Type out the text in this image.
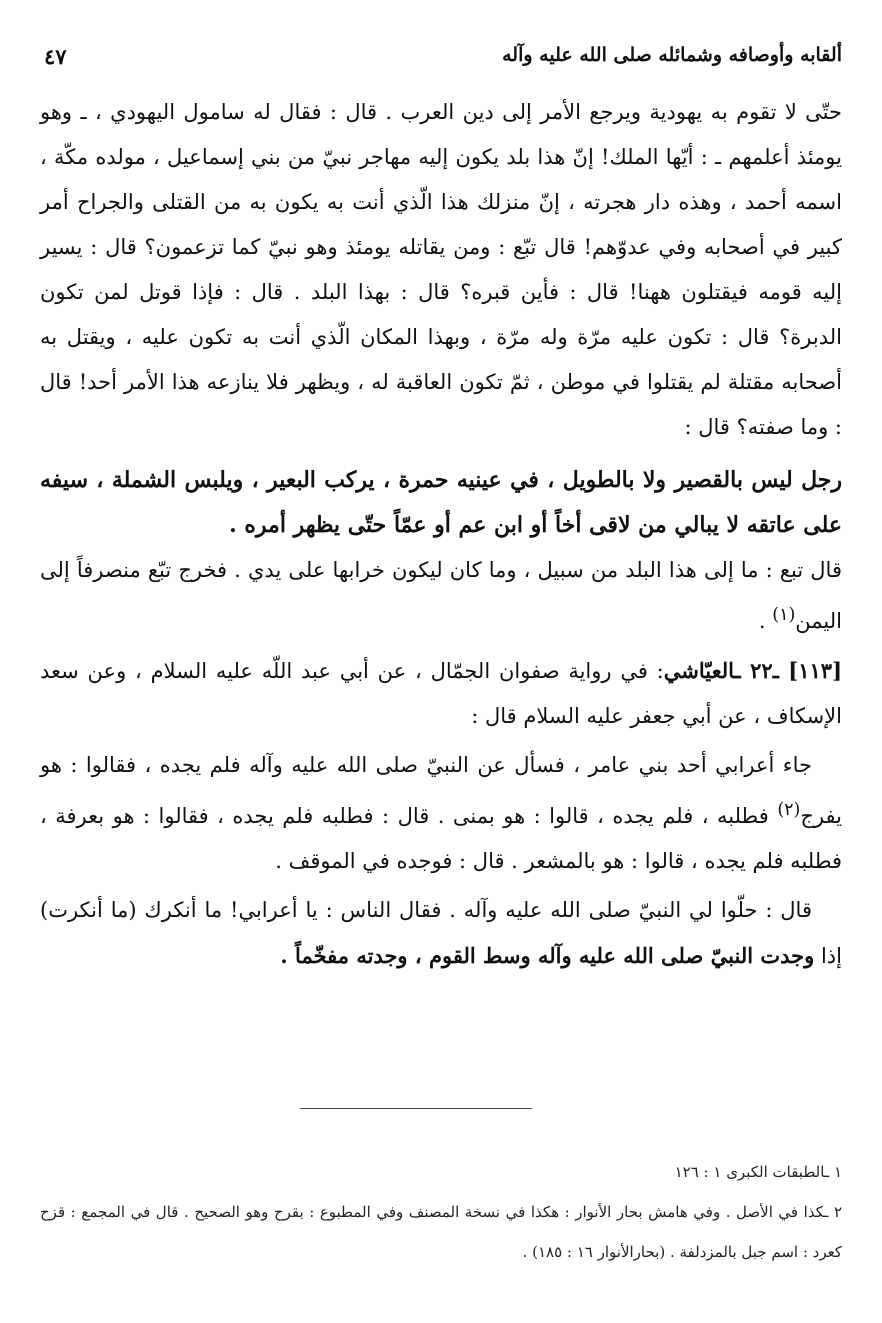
ألقابه وأوصافه وشمائله صلى الله عليه وآله
٤٧

حتّى لا تقوم به يهودية ويرجع الأمر إلى دين العرب . قال : فقال له سامول اليهودي ، ـ وهو يومئذ أعلمهم ـ : أيّها الملك! إنّ هذا بلد يكون إليه مهاجر نبيّ من بني إسماعيل ، مولده مكّة ، اسمه أحمد ، وهذه دار هجرته ، إنّ منزلك هذا الّذي أنت به يكون به من القتلى والجراح أمر كبير في أصحابه وفي عدوّهم! قال تبّع : ومن يقاتله يومئذ وهو نبيّ كما تزعمون؟ قال : يسير إليه قومه فيقتلون ههنا! قال : فأين قبره؟ قال : بهذا البلد . قال : فإذا قوتل لمن تكون الدبرة؟ قال : تكون عليه مرّة وله مرّة ، وبهذا المكان الّذي أنت به تكون عليه ، ويقتل به أصحابه مقتلة لم يقتلوا في موطن ، ثمّ تكون العاقبة له ، ويظهر فلا ينازعه هذا الأمر أحد! قال : وما صفته؟ قال :

رجل ليس بالقصير ولا بالطويل ، في عينيه حمرة ، يركب البعير ، ويلبس الشملة ، سيفه على عاتقه لا يبالي من لاقى أخاً أو ابن عم أو عمّاً حتّى يظهر أمره .

قال تبع : ما إلى هذا البلد من سبيل ، وما كان ليكون خرابها على يدي . فخرج تبّع منصرفاً إلى اليمن$^{(١)}$ .

[١١٣] ـ٢٢ ـالعيّاشي: في رواية صفوان الجمّال ، عن أبي عبد اللّه عليه السلام ، وعن سعد الإسكاف ، عن أبي جعفر عليه السلام قال :

جاء أعرابي أحد بني عامر ، فسأل عن النبيّ صلى الله عليه وآله فلم يجده ، فقالوا : هو يفرج$^{(٢)}$ فطلبه ، فلم يجده ، قالوا : هو بمنى . قال : فطلبه فلم يجده ، فقالوا : هو بعرفة ، فطلبه فلم يجده ، قالوا : هو بالمشعر . قال : فوجده في الموقف .

قال : حلّوا لي النبيّ صلى الله عليه وآله . فقال الناس : يا أعرابي! ما أنكرك (ما أنكرت) إذا وجدت النبيّ صلى الله عليه وآله وسط القوم ، وجدته مفخّماً .

١ ـالطبقات الكبرى ١ : ١٢٦

٢ ـكذا في الأصل . وفي هامش بحار الأنوار : هكذا في نسخة المصنف وفي المطبوع : بقرح وهو الصحيح . قال في المجمع : قزح كعرد : اسم جبل بالمزدلفة . (بحارالأنوار ١٦ : ١٨٥) .
